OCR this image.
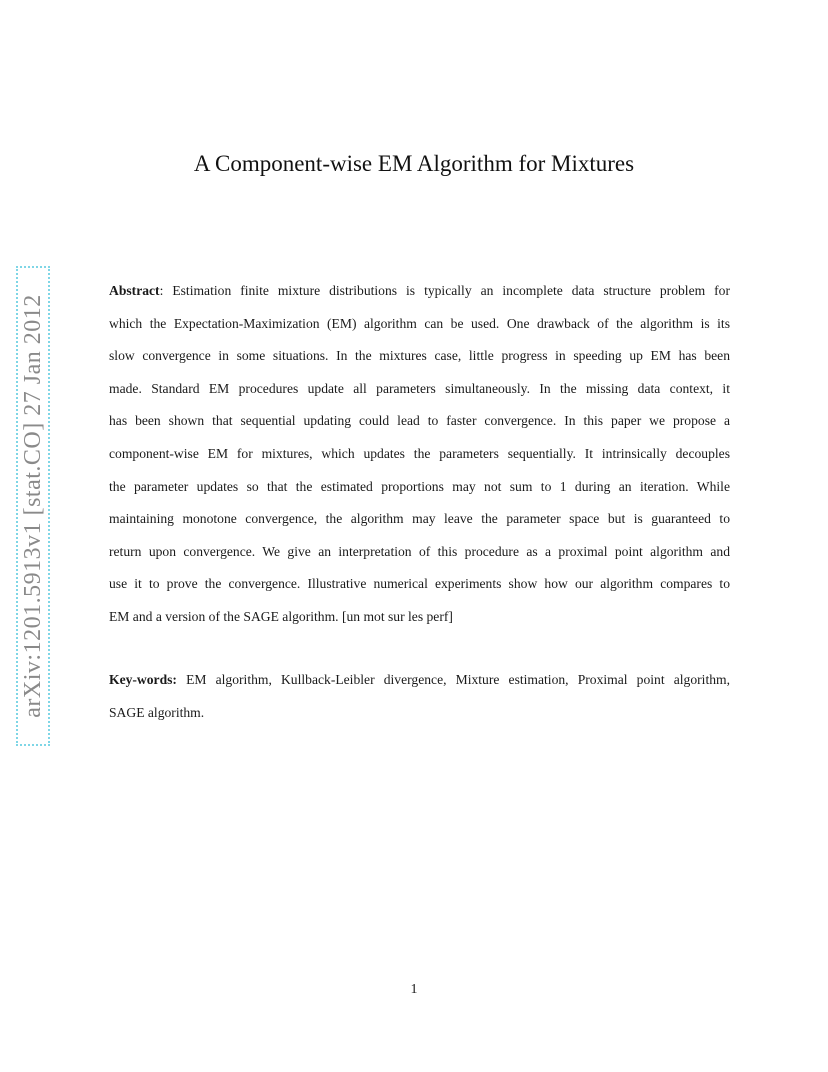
arXiv:1201.5913v1 [stat.CO] 27 Jan 2012
A Component-wise EM Algorithm for Mixtures
Abstract: Estimation finite mixture distributions is typically an incomplete data structure problem for
which the Expectation-Maximization (EM) algorithm can be used. One drawback of the algorithm is its
slow convergence in some situations. In the mixtures case, little progress in speeding up EM has been
made. Standard EM procedures update all parameters simultaneously. In the missing data context, it
has been shown that sequential updating could lead to faster convergence. In this paper we propose a
component-wise EM for mixtures, which updates the parameters sequentially. It intrinsically decouples
the parameter updates so that the estimated proportions may not sum to 1 during an iteration. While
maintaining monotone convergence, the algorithm may leave the parameter space but is guaranteed to
return upon convergence. We give an interpretation of this procedure as a proximal point algorithm and
use it to prove the convergence. Illustrative numerical experiments show how our algorithm compares to
EM and a version of the SAGE algorithm. [un mot sur les perf]
Key-words: EM algorithm, Kullback-Leibler divergence, Mixture estimation, Proximal point algorithm,
SAGE algorithm.
1
